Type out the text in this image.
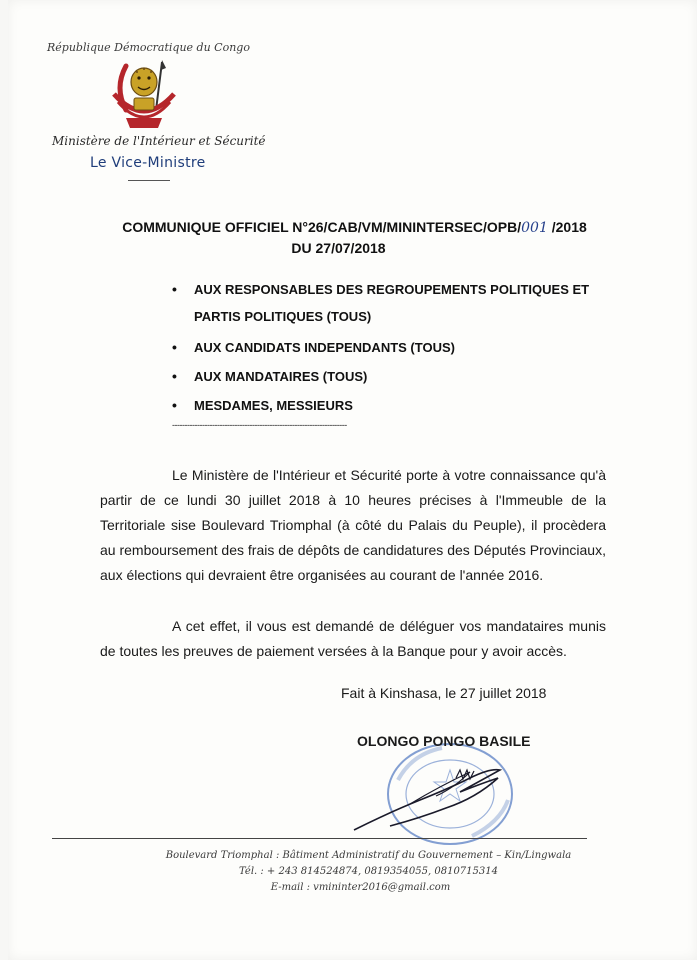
République Démocratique du Congo
Ministère de l'Intérieur et Sécurité
Le Vice-Ministre
COMMUNIQUE OFFICIEL N°26/CAB/VM/MININTERSEC/OPB/001 /2018
DU 27/07/2018
• AUX RESPONSABLES DES REGROUPEMENTS POLITIQUES ET PARTIS POLITIQUES (TOUS)
• AUX CANDIDATS INDEPENDANTS (TOUS)
• AUX MANDATAIRES (TOUS)
• MESDAMES, MESSIEURS
----------------------------------------------------------------------
Le Ministère de l'Intérieur et Sécurité porte à votre connaissance qu'à partir de ce lundi 30 juillet 2018 à 10 heures précises à l'Immeuble de la Territoriale sise Boulevard Triomphal (à côté du Palais du Peuple), il procèdera au remboursement des frais de dépôts de candidatures des Députés Provinciaux, aux élections qui devraient être organisées au courant de l'année 2016.
A cet effet, il vous est demandé de déléguer vos mandataires munis de toutes les preuves de paiement versées à la Banque pour y avoir accès.
Fait à Kinshasa, le 27 juillet 2018
OLONGO PONGO BASILE
Boulevard Triomphal : Bâtiment Administratif du Gouvernement – Kin/Lingwala
Tél. : + 243 814524874, 0819354055, 0810715314
E-mail : vmininter2016@gmail.com
